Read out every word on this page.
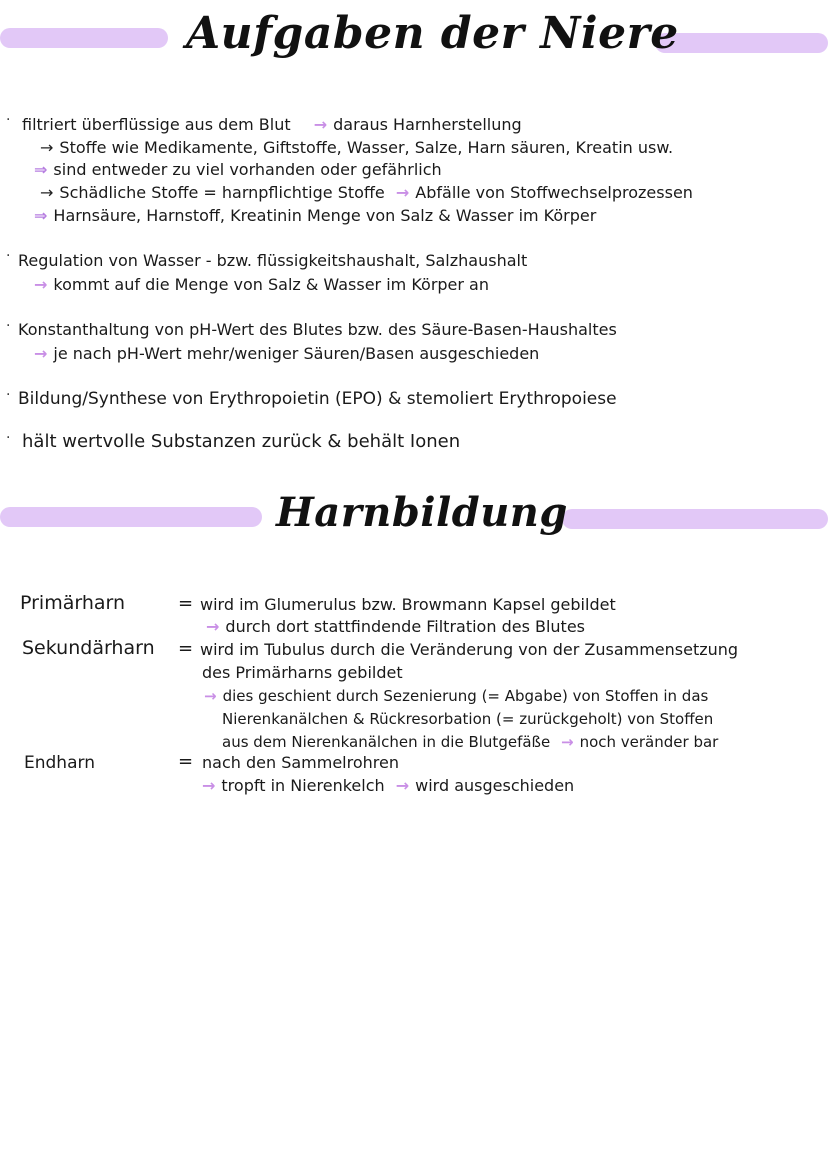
Aufgaben der Niere
· filtriert überflüssige aus dem Blut → daraus Harnherstellung
→ Stoffe wie Medikamente, Giftstoffe, Wasser, Salze, Harn säuren, Kreatin usw.
⇒ sind entweder zu viel vorhanden oder gefährlich
→ Schädliche Stoffe = harnpflichtige Stoffe → Abfälle von Stoffwechselprozessen
⇒ Harnsäure, Harnstoff, Kreatinin Menge von Salz & Wasser im Körper
· Regulation von Wasser - bzw. flüssigkeitshaushalt, Salzhaushalt
→ kommt auf die Menge von Salz & Wasser im Körper an
· Konstanthaltung von pH-Wert des Blutes bzw. des Säure-Basen-Haushaltes
→ je nach pH-Wert mehr/weniger Säuren/Basen ausgeschieden
· Bildung/Synthese von Erythropoietin (EPO) & stemoliert Erythropoiese
· hält wertvolle Substanzen zurück & behält Ionen
Harnbildung
Primärharn	= wird im Glumerulus bzw. Browmann Kapsel gebildet
→ durch dort stattfindende Filtration des Blutes
Sekundärharn = wird im Tubulus durch die Veränderung von der Zusammensetzung
des Primärharns gebildet
→ dies geschient durch Sezenierung (= Abgabe) von Stoffen in das
Nierenkanälchen & Rückresorbation (= zurückgeholt) von Stoffen
aus dem Nierenkanälchen in die Blutgefäße → noch veränder bar
Endharn	= nach den Sammelrohren
→ tropft in Nierenkelch → wird ausgeschieden
